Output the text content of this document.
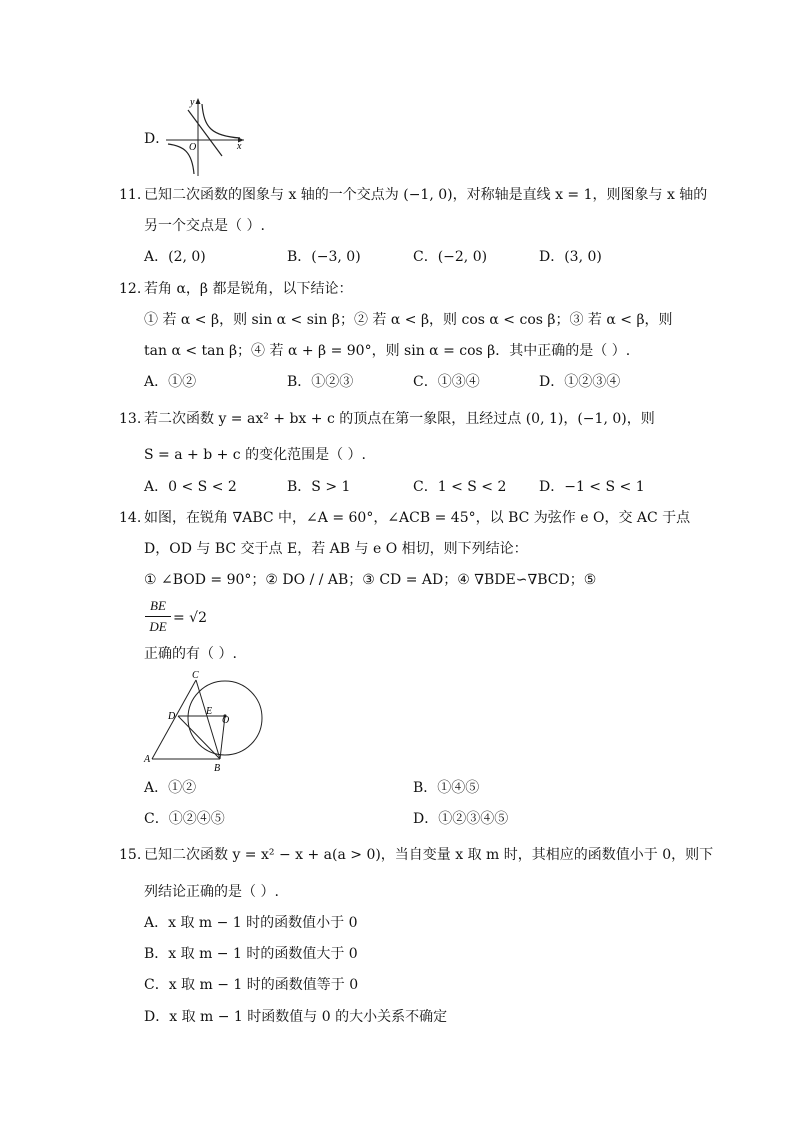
D．
y
x
O
11. 已知二次函数的图象与 x 轴的一个交点为 (−1, 0)，对称轴是直线 x = 1，则图象与 x 轴的
另一个交点是（ ）.
A．(2, 0)	B．(−3, 0)	C．(−2, 0)	D．(3, 0)
12. 若角 α，β 都是锐角，以下结论：
① 若 α < β，则 sin α < sin β；② 若 α < β，则 cos α < cos β；③ 若 α < β，则
tan α < tan β；④ 若 α + β = 90°，则 sin α = cos β．其中正确的是（ ）.
A．①②	B．①②③	C．①③④	D．①②③④
13. 若二次函数 y = ax² + bx + c 的顶点在第一象限，且经过点 (0, 1)，(−1, 0)，则
S = a + b + c 的变化范围是（ ）.
A．0 < S < 2	B．S > 1	C．1 < S < 2 D．−1 < S < 1
14. 如图，在锐角 ∇ABC 中，∠A = 60°，∠ACB = 45°，以 BC 为弦作 e O，交 AC 于点
D，OD 与 BC 交于点 E，若 AB 与 e O 相切，则下列结论：
① ∠BOD = 90°；② DO / / AB；③ CD = AD；④ ∇BDE∽∇BCD；⑤
BE
DE
= √2
正确的有（ ）.
C
D	E
O
A
B
A．①②	B．①④⑤
C．①②④⑤	D．①②③④⑤
15. 已知二次函数 y = x² − x + a(a > 0)，当自变量 x 取 m 时，其相应的函数值小于 0，则下
列结论正确的是（ ）.
A．x 取 m − 1 时的函数值小于 0
B．x 取 m − 1 时的函数值大于 0
C．x 取 m − 1 时的函数值等于 0
D．x 取 m − 1 时函数值与 0 的大小关系不确定
